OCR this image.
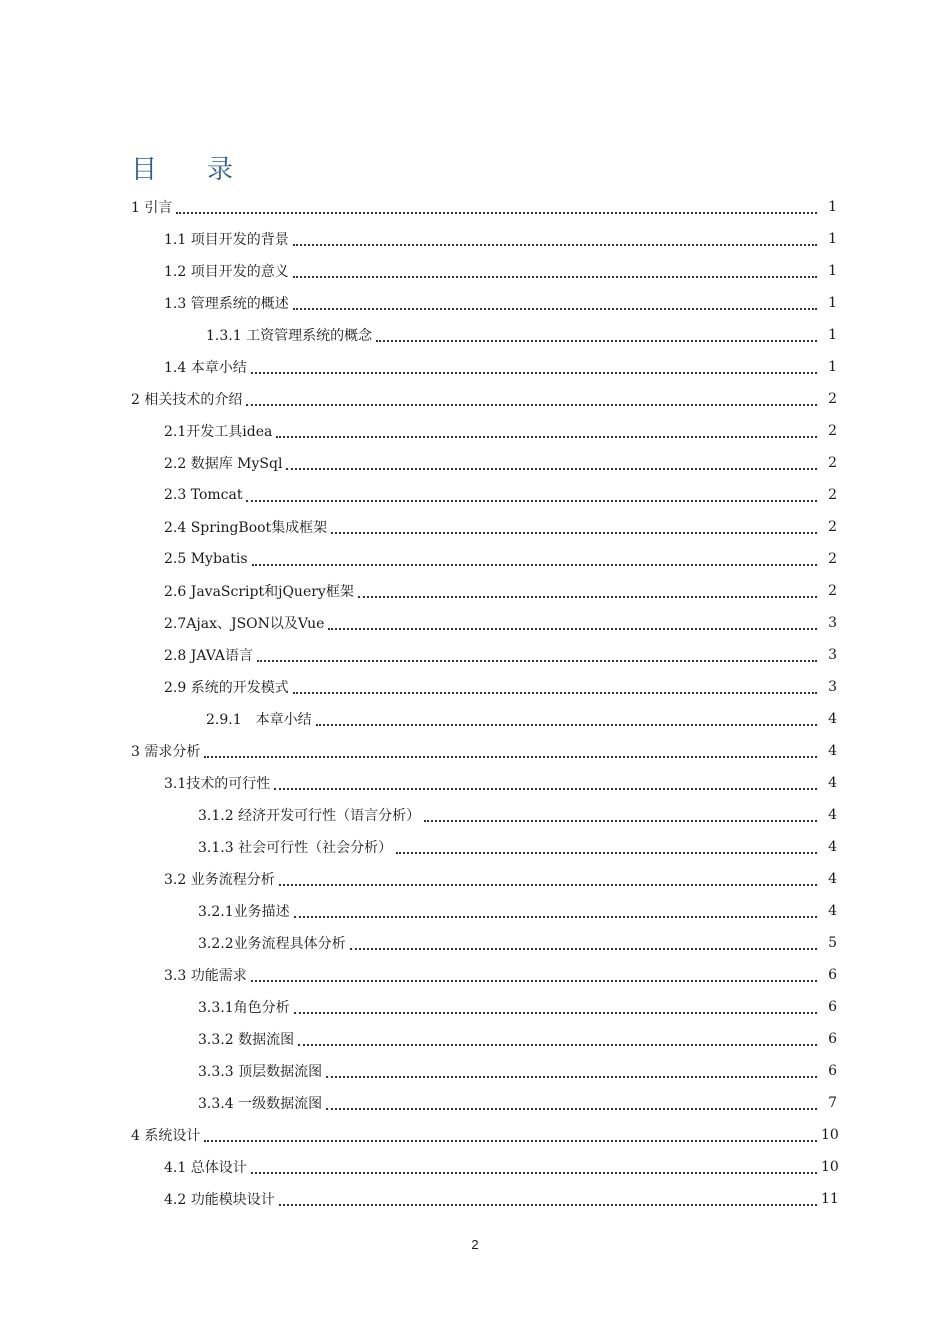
目录
1 引言	1
1.1 项目开发的背景	1
1.2 项目开发的意义	1
1.3 管理系统的概述	1
1.3.1 工资管理系统的概念	1
1.4 本章小结	1
2 相关技术的介绍	2
2.1开发工具idea	2
2.2 数据库 MySql	2
2.3 Tomcat	2
2.4 SpringBoot集成框架	2
2.5 Mybatis	2
2.6 JavaScript和jQuery框架	2
2.7Ajax、JSON以及Vue	3
2.8 JAVA语言	3
2.9 系统的开发模式	3
2.9.1　本章小结	4
3 需求分析	4
3.1技术的可行性	4
3.1.2 经济开发可行性（语言分析）	4
3.1.3 社会可行性（社会分析）	4
3.2 业务流程分析	4
3.2.1业务描述	4
3.2.2业务流程具体分析	5
3.3 功能需求	6
3.3.1角色分析	6
3.3.2 数据流图	6
3.3.3 顶层数据流图	6
3.3.4 一级数据流图	7
4 系统设计	10
4.1 总体设计	10
4.2 功能模块设计	11
2
